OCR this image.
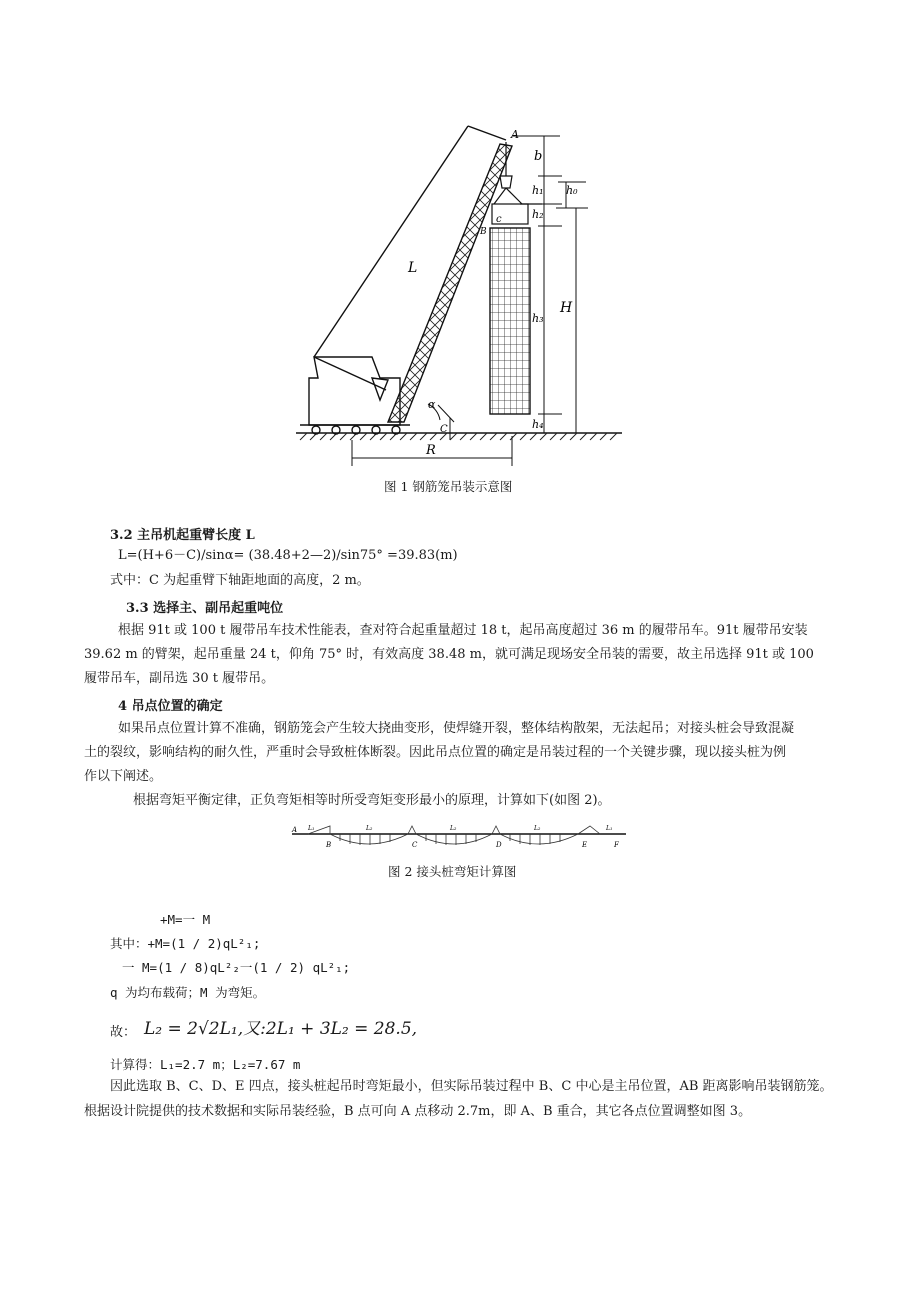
A
L
B
c
b
h₁ h₀
h₂
h₃
H
h₄
α
C
R
图 1 钢筋笼吊装示意图
3.2 主吊机起重臂长度 L
L=(H+6－C)/sinα= (38.48+2—2)/sin75° =39.83(m)
式中：C 为起重臂下轴距地面的高度，2 m。
3.3 选择主、副吊起重吨位
根据 91t 或 100 t 履带吊车技术性能表，查对符合起重量超过 18 t，起吊高度超过 36 m 的履带吊车。91t 履带吊安装
39.62 m 的臂架，起吊重量 24 t，仰角 75° 时，有效高度 38.48 m，就可满足现场安全吊装的需要，故主吊选择 91t 或 100
履带吊车，副吊选 30 t 履带吊。
4 吊点位置的确定
如果吊点位置计算不准确，钢筋笼会产生较大挠曲变形，使焊缝开裂，整体结构散架，无法起吊；对接头桩会导致混凝
土的裂纹，影响结构的耐久性，严重时会导致桩体断裂。因此吊点位置的确定是吊装过程的一个关键步骤，现以接头桩为例
作以下阐述。
根据弯矩平衡定律，正负弯矩相等时所受弯矩变形最小的原理，计算如下(如图 2)。
A
B	C	D	E	F
L₁	L₂	L₂	L₂	L₁
图 2 接头桩弯矩计算图
+M=一 M
其中：+M=(1 / 2)qL²₁;
一 M=(1 / 8)qL²₂一(1 / 2) qL²₁;
q 为均布载荷；M 为弯矩。
故： L₂ = 2√2L₁,又:2L₁ + 3L₂ = 28.5,
计算得：L₁=2.7 m；L₂=7.67 m
因此选取 B、C、D、E 四点，接头桩起吊时弯矩最小，但实际吊装过程中 B、C 中心是主吊位置，AB 距离影响吊装钢筋笼。
根据设计院提供的技术数据和实际吊装经验，B 点可向 A 点移动 2.7m，即 A、B 重合，其它各点位置调整如图 3。
